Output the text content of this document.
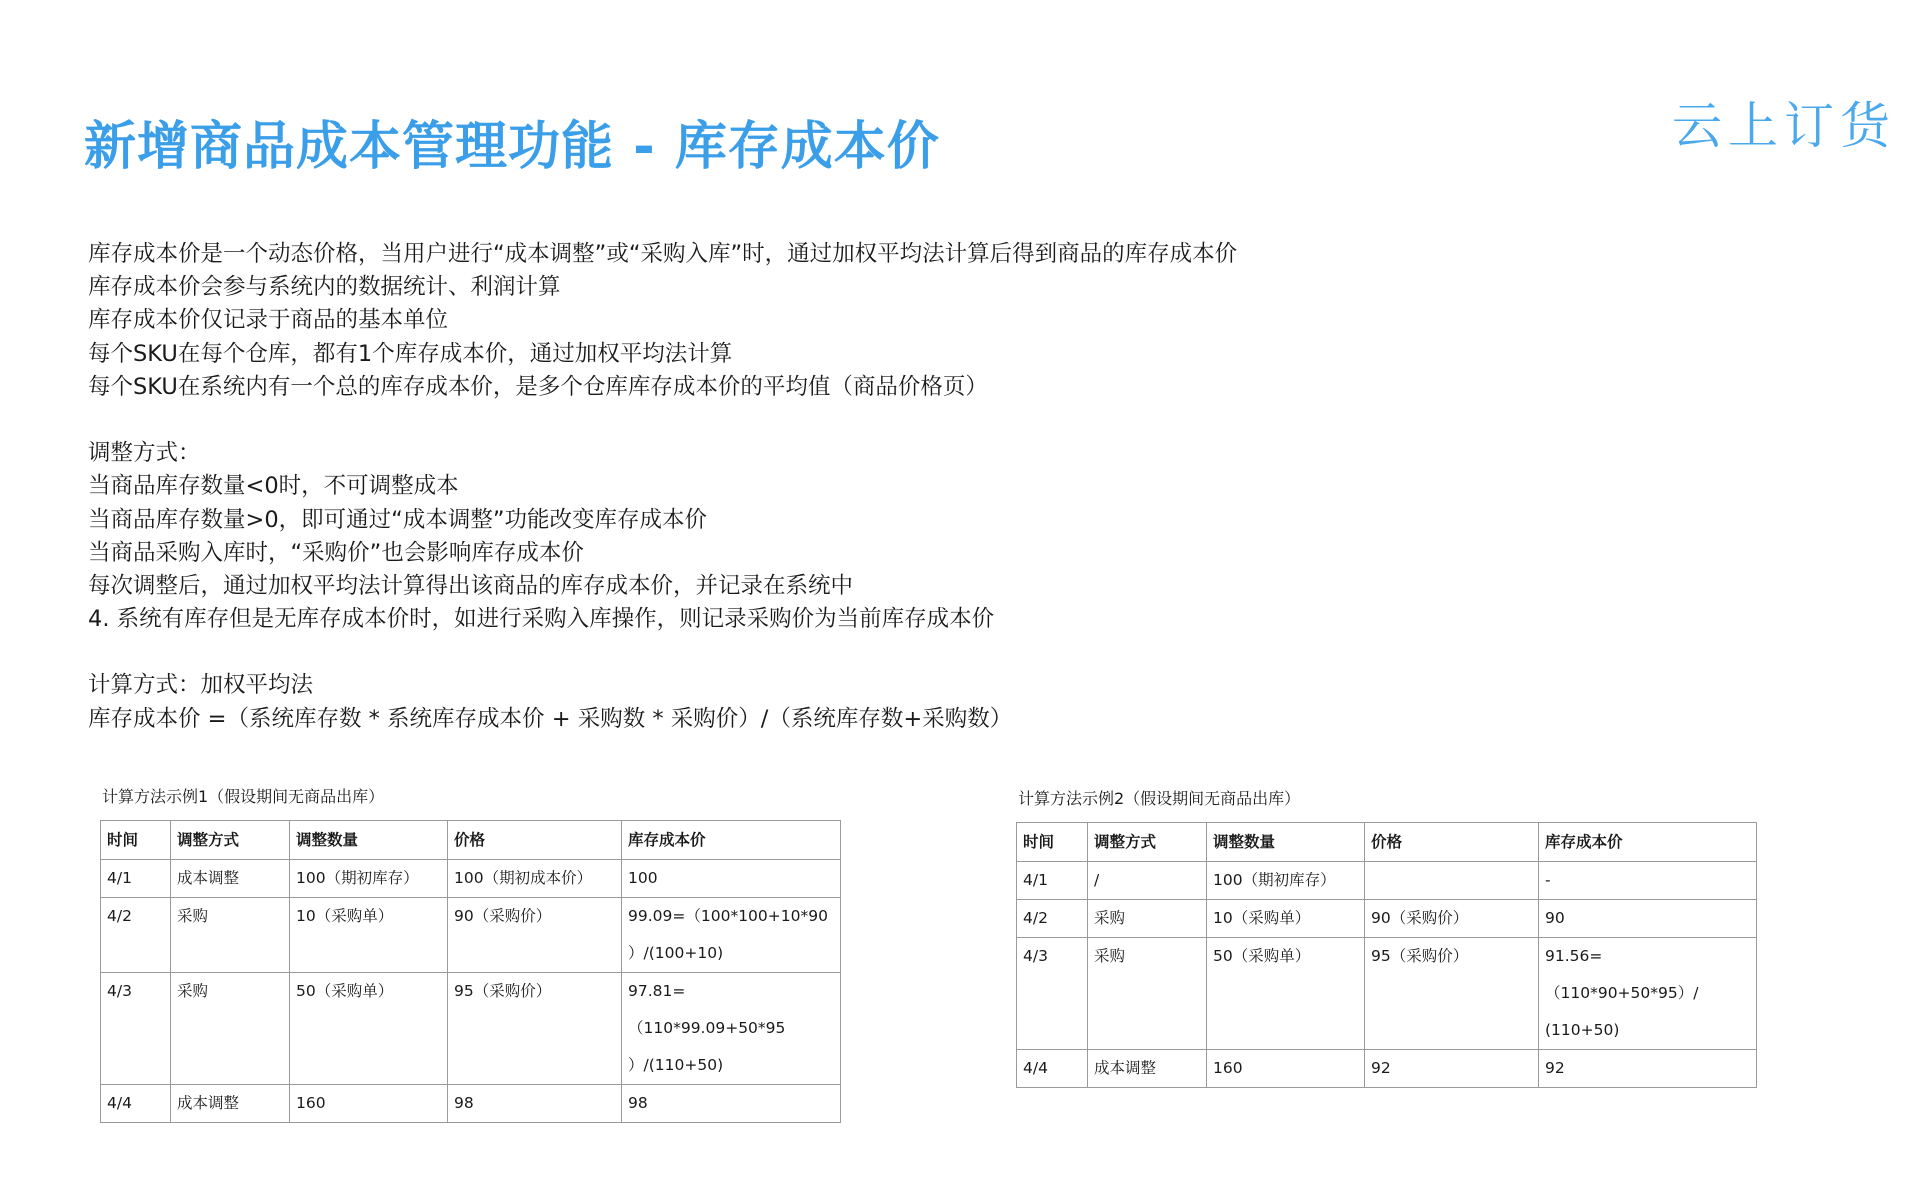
新增商品成本管理功能 - 库存成本价	云上订货
库存成本价是一个动态价格，当用户进行“成本调整”或“采购入库”时，通过加权平均法计算后得到商品的库存成本价
库存成本价会参与系统内的数据统计、利润计算
库存成本价仅记录于商品的基本单位
每个SKU在每个仓库，都有1个库存成本价，通过加权平均法计算
每个SKU在系统内有一个总的库存成本价，是多个仓库库存成本价的平均值（商品价格页）
调整方式：
当商品库存数量<0时，不可调整成本
当商品库存数量>0，即可通过“成本调整”功能改变库存成本价
当商品采购入库时，“采购价”也会影响库存成本价
每次调整后，通过加权平均法计算得出该商品的库存成本价，并记录在系统中
4. 系统有库存但是无库存成本价时，如进行采购入库操作，则记录采购价为当前库存成本价
计算方式：加权平均法
库存成本价 =（系统库存数 * 系统库存成本价 + 采购数 * 采购价）/（系统库存数+采购数）
计算方法示例1（假设期间无商品出库）
时间	调整方式	调整数量	价格	库存成本价
4/1	成本调整	100（期初库存）	100（期初成本价）	100
4/2	采购	10（采购单）	90（采购价）	99.09=（100*100+10*90
）/(100+10)
4/3	采购	50（采购单）	95（采购价）	97.81=（110*99.09+50*95
）/(110+50)
4/4	成本调整	160	98	98
计算方法示例2（假设期间无商品出库）
时间	调整方式	调整数量	价格	库存成本价
4/1	/	100（期初库存）		-
4/2	采购	10（采购单）	90（采购价）	90
4/3	采购	50（采购单）	95（采购价）	91.56=（110*90+50*95）/
(110+50)
4/4	成本调整	160	92	92
